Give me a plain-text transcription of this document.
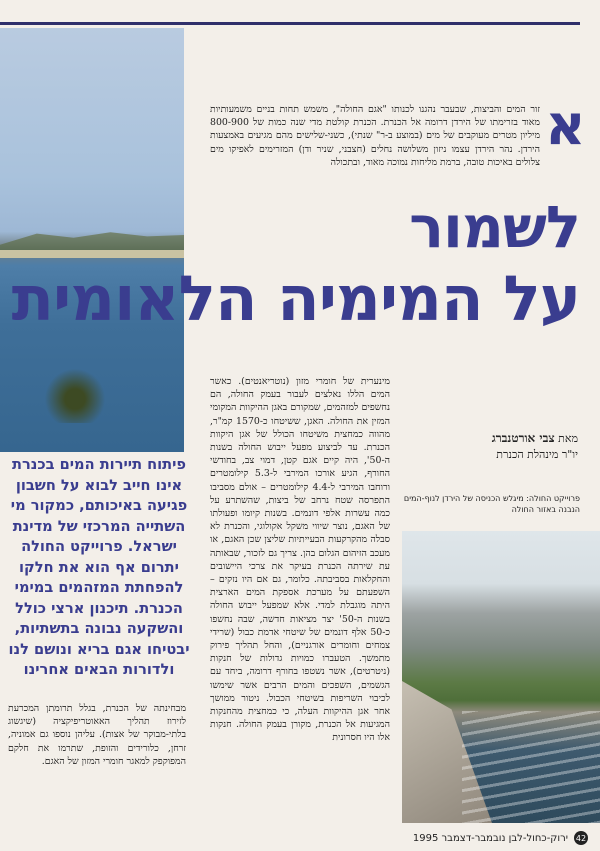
א
זור המים והביצות, שבעבר נהגנו לכנותו "אגם החולה", משמש תחות בניים משמעותיות מאוד בזרימתו של הירדן דרומה אל הכנרת. הכנרת קולטת מדי שנה כמות של 800-900 מיליון מטרים מעוקבים של מים (במוצע ב-ר" שנתי), כשני-שלישים מהם מגיעים באמצעות הירדן. נהר הירדן עצמו ניזון משלושה נחלים (חצבני, שניר ודן) המזרימים לאפיקו מים צלולים באיכות טובה, ברמת מליחות נמוכה מאוד, ובתכולה
לשמור
על המימיה הלאומית
מינערית של חומרי מזון (נוטריאנטים). כאשר המים הללו נאלצים לעבור בעמק החולה, הם נחשפים למזהמים, שמקורם באגן ההיקוות המקומי המזין את החולה. האגן, ששיטחו כ-1570 קמ"ר, מהווה כמחצית משיטחו הכולל של אגן היקוות הכנרת. עד לביצוע מפעל ייבוש החולה בשנות ה-50', היה קיים אגם קטן, דמוי צב, בחודשי החורף, הגיע אורכו המירבי ל-5.3 קילומטרים ורוחבו המירבי ל-4.4 קילומטרים – אולם מסביבו התפרסה שטח נרחב של ביצות, שהשתרע על כמה עשרות אלפי דונמים. בשנות קיומו ופעולתו של האגם, נוצר שיווי משקל אקולוגי, והכנרת לא סבלה מהקרקעות הבעייתיות שליצן שכן האגם, או מעכב הזיהום הגלום בהן. צריך גם לזכור, שבאותה עת שירתה הכנרת בעיקר את צרכי היישובים והחקלאות בסביבתה. כלומר, גם אם היו נזקים – השפעתם על מערכת אספקת המים הארצית היתה מוגבלת למדי. אלא שמפעל ייבוש החולה בשנות ה-50' יצר מציאות חדשה, שבה נחשפו כ-50 אלף דונמים של שיטחי אדמת כבול (שרידי צמחים וחומרים אורגניים), והחל תהליך פירוק מתמשך. הטעברו כמויות גדולות של חנקות (ניטרטים), אשר נשטפו בחורף דרומה, ביחד עם הגשמים, השפכים והמים הרבים אשר שימשו לכיבוי השריפות בשיטחי הכבול. ניטור ממושך אחר אגן ההיקוות העלה, כי כמחצית מהחנקות המגיעות אל הכנרת, מקורן בעמק החולה. חנקות אלו היו חסרונית
מאת צבי אורטנברג
יו"ר מינהלת הכנרת
פרוייקט החולה: מיגלש הכניסה של הירדן לנוף-המים הנבנה באזור החולה
פיתוח תיירות המים בכנרת אינו חייב לבוא על חשבון פגיעה באיכותם, כמקור מי השתייה המרכזי של מדינת ישראל. פרוייקט החולה יתרום אף הוא את חלקו להפחתת המזהמים במימי הכנרת. תיכנון ארצי כולל והשקעה נבונה בתשתיות, יבטיחו אגם בריא ונושם לנו ולדורות הבאים אחרינו
מבחינתה של הכנרת, בגלל תרומתן המכרעת לזירוז תהליך האאוטריפיקציה (שיגשוג בלתי-מבוקר של אצות). עליהן נוספו גם אמוניה, זרחן, כלורידים והזופת, שתרמו את חלקם המפוקפק למאגר חומרי המזון של האגם.
42
ירוק-כחול-לבן נובמבר-דצמבר 1995
